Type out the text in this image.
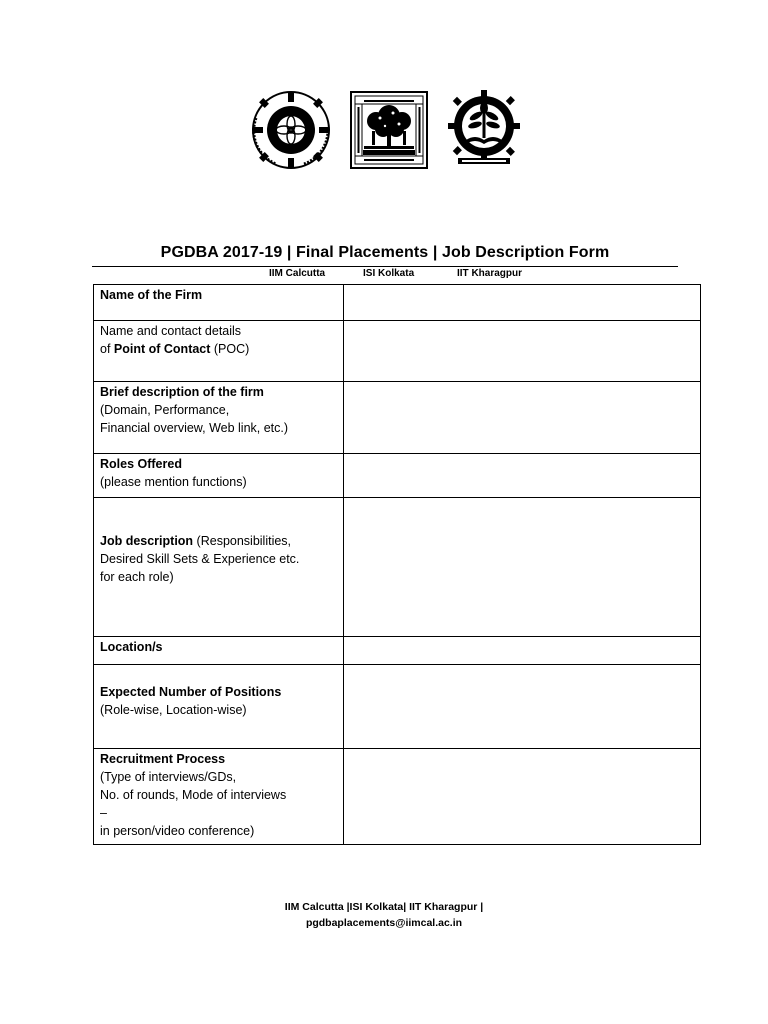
IIM Calcutta	ISI Kolkata	IIT Kharagpur
PGDBA 2017-19 | Final Placements | Job Description Form
Name of the Firm	

Name and contact details
of Point of Contact (POC)	

Brief description of the firm
(Domain, Performance,
Financial overview, Web link, etc.)	

Roles Offered
(please mention functions)	

Job description (Responsibilities,
Desired Skill Sets & Experience etc.
for each role)	

Location/s	

Expected Number of Positions
(Role-wise, Location-wise)	

Recruitment Process
(Type of interviews/GDs,
No. of rounds, Mode of interviews
–
in person/video conference)	

IIM Calcutta |ISI Kolkata| IIT Kharagpur |
pgdbaplacements@iimcal.ac.in
